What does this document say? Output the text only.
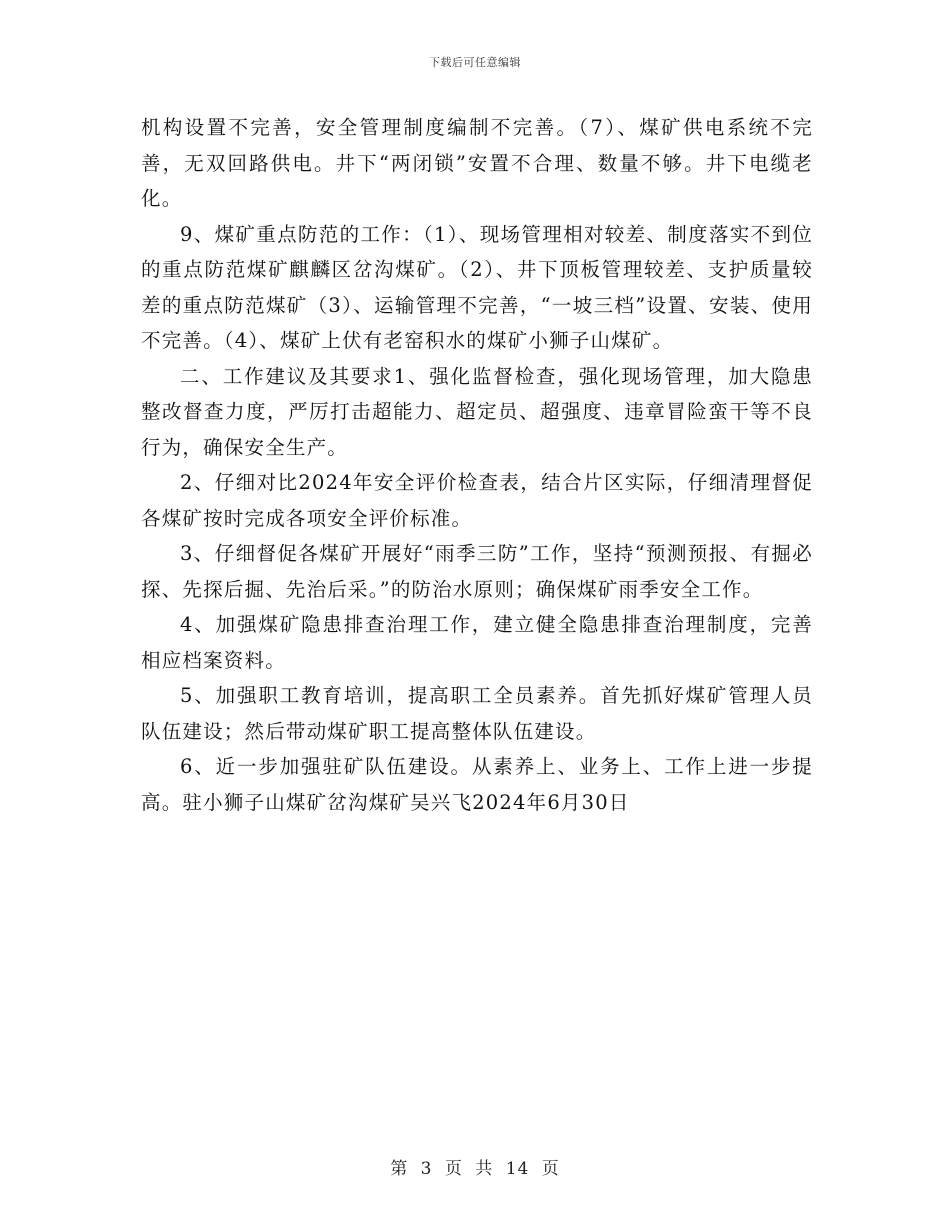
下载后可任意编辑

机构设置不完善，安全管理制度编制不完善。（7）、煤矿供电系统不完善，无双回路供电。井下“两闭锁”安置不合理、数量不够。井下电缆老化。

9、煤矿重点防范的工作：（1）、现场管理相对较差、制度落实不到位的重点防范煤矿麒麟区岔沟煤矿。（2）、井下顶板管理较差、支护质量较差的重点防范煤矿（3）、运输管理不完善，“一坡三档”设置、安装、使用不完善。（4）、煤矿上伏有老窑积水的煤矿小狮子山煤矿。

二、工作建议及其要求1、强化监督检查，强化现场管理，加大隐患整改督查力度，严厉打击超能力、超定员、超强度、违章冒险蛮干等不良行为，确保安全生产。

2、仔细对比2024年安全评价检查表，结合片区实际，仔细清理督促各煤矿按时完成各项安全评价标准。

3、仔细督促各煤矿开展好“雨季三防”工作，坚持“预测预报、有掘必探、先探后掘、先治后采。”的防治水原则；确保煤矿雨季安全工作。

4、加强煤矿隐患排查治理工作，建立健全隐患排查治理制度，完善相应档案资料。

5、加强职工教育培训，提高职工全员素养。首先抓好煤矿管理人员队伍建设；然后带动煤矿职工提高整体队伍建设。

6、近一步加强驻矿队伍建设。从素养上、业务上、工作上进一步提高。驻小狮子山煤矿岔沟煤矿吴兴飞2024年6月30日

第 3 页 共 14 页
